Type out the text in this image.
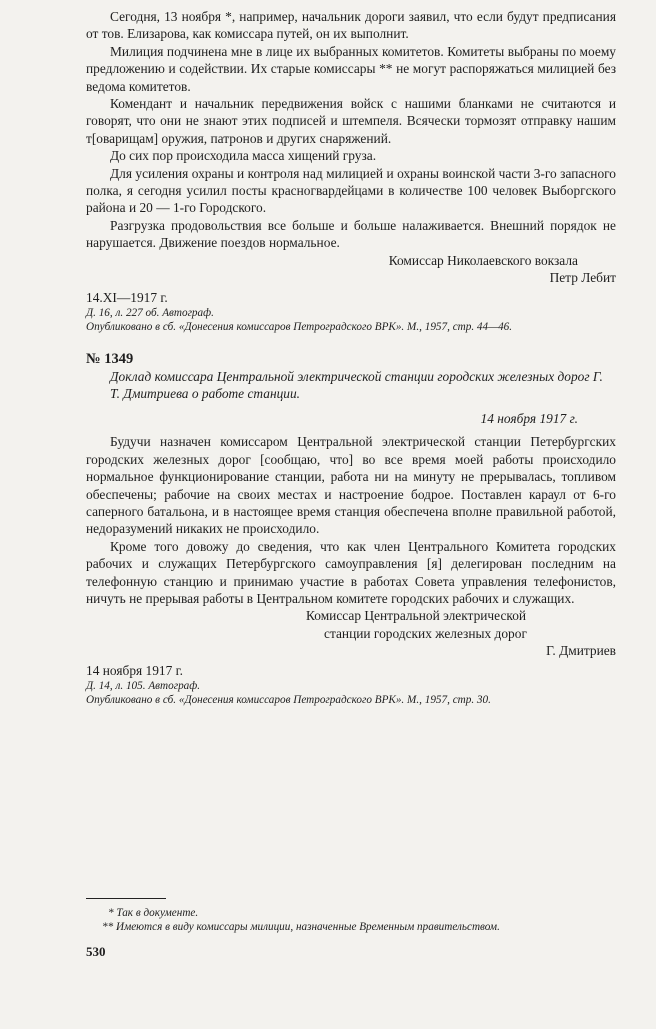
Сегодня, 13 ноября *, например, начальник дороги заявил, что если будут предписания от тов. Елизарова, как комиссара путей, он их выполнит.

Милиция подчинена мне в лице их выбранных комитетов. Комитеты выбраны по моему предложению и содействии. Их старые комиссары ** не могут распоряжаться милицией без ведома комитетов.

Комендант и начальник передвижения войск с нашими бланками не считаются и говорят, что они не знают этих подписей и штемпеля. Всячески тормозят отправку нашим т[оварищам] оружия, патронов и других снаряжений.

До сих пор происходила масса хищений груза.

Для усиления охраны и контроля над милицией и охраны воинской части 3-го запасного полка, я сегодня усилил посты красногвардейцами в количестве 100 человек Выборгского района и 20 — 1-го Городского.

Разгрузка продовольствия все больше и больше налаживается. Внешний порядок не нарушается. Движение поездов нормальное.

Комиссар Николаевского вокзала
Петр Лебит
14.XI—1917 г.
Д. 16, л. 227 об. Автограф.
Опубликовано в сб. «Донесения комиссаров Петроградского ВРК». М., 1957, стр. 44—46.
№ 1349
Доклад комиссара Центральной электрической станции городских железных дорог Г. Т. Дмитриева о работе станции.
14 ноября 1917 г.

Будучи назначен комиссаром Центральной электрической станции Петербургских городских железных дорог [сообщаю, что] во все время моей работы происходило нормальное функционирование станции, работа ни на минуту не прерывалась, топливом обеспечены; рабочие на своих местах и настроение бодрое. Поставлен караул от 6-го саперного батальона, и в настоящее время станция обеспечена вполне правильной работой, недоразумений никаких не происходило.

Кроме того довожу до сведения, что как член Центрального Комитета городских рабочих и служащих Петербургского самоуправления [я] делегирован последним на телефонную станцию и принимаю участие в работах Совета управления телефонистов, ничуть не прерывая работы в Центральном комитете городских рабочих и служащих.

Комиссар Центральной электрической
станции городских железных дорог
Г. Дмитриев
14 ноября 1917 г.
Д. 14, л. 105. Автограф.
Опубликовано в сб. «Донесения комиссаров Петроградского ВРК». М., 1957, стр. 30.
* Так в документе.
** Имеются в виду комиссары милиции, назначенные Временным правительством.
530
